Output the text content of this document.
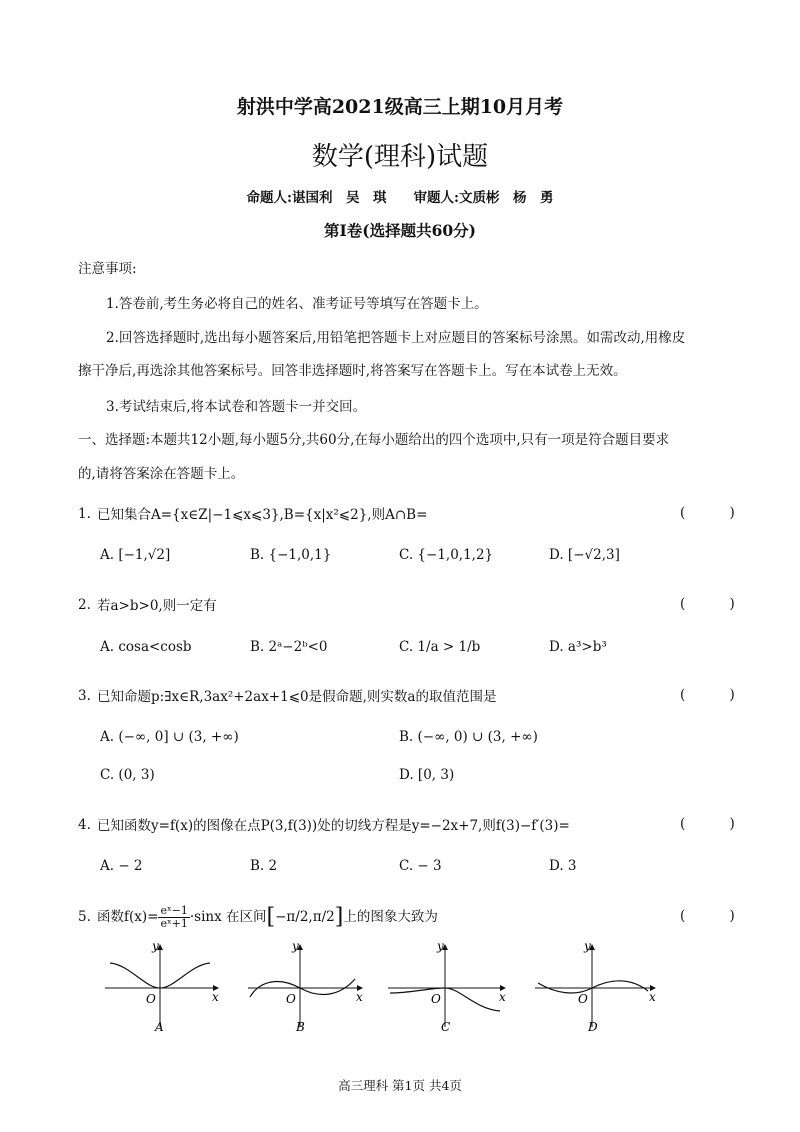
射洪中学高2021级高三上期10月月考
数学(理科)试题
命题人:谌国利　吴　琪　　审题人:文质彬　杨　勇
第Ⅰ卷(选择题共60分)
注意事项:
1.答卷前,考生务必将自己的姓名、准考证号等填写在答题卡上。
2.回答选择题时,选出每小题答案后,用铅笔把答题卡上对应题目的答案标号涂黑。如需改动,用橡皮
擦干净后,再选涂其他答案标号。回答非选择题时,将答案写在答题卡上。写在本试卷上无效。
3.考试结束后,将本试卷和答题卡一并交回。
一、选择题:本题共12小题,每小题5分,共60分,在每小题给出的四个选项中,只有一项是符合题目要求
的,请将答案涂在答题卡上。
1. 已知集合A={x∈Z|−1⩽x⩽3},B={x|x²⩽2},则A∩B=	( )
A. [−1,√2]	B. {−1,0,1}	C. {−1,0,1,2}	D. [−√2,3]
2. 若a>b>0,则一定有	( )
A. cosa<cosb	B. 2ᵃ−2ᵇ<0	C. 1/a > 1/b	D. a³>b³
3. 已知命题p:∃x∈R,3ax²+2ax+1⩽0是假命题,则实数a的取值范围是	( )
A. (−∞, 0] ∪ (3, +∞)	B. (−∞, 0) ∪ (3, +∞)
C. (0, 3)	D. [0, 3)
4. 已知函数y=f(x)的图像在点P(3,f(3))处的切线方程是y=−2x+7,则f(3)−f′(3)=	( )
A. − 2	B. 2	C. − 3	D. 3
5. 函数$f(x)= \frac{\text{eˣ−1}}{\text{eˣ+1}} \cdot\sin x$ 在区间[−π/2,π/2]上的图象大致为	( )
y
x
O
A
y
x
O
B
y
x
O
C
y
x
O
D
高三理科 第1页 共4页
